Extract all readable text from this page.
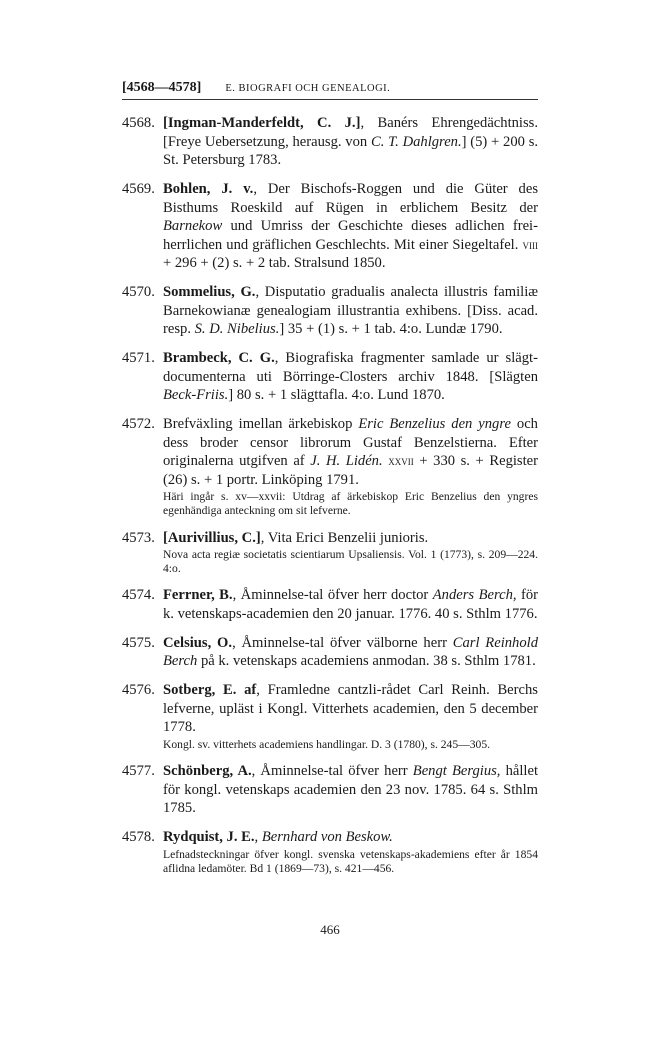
[4568—4578] E. BIOGRAFI OCH GENEALOGI.
4568. [Ingman-Manderfeldt, C. J.], Banérs Ehrengedächtniss. [Freye Uebersetzung, herausg. von C. T. Dahlgren.] (5) + 200 s. St. Petersburg 1783.
4569. Bohlen, J. v., Der Bischofs-Roggen und die Güter des Bisthums Roeskild auf Rügen in erblichem Besitz der Barnekow und Umriss der Geschichte dieses adlichen freiherrlichen und gräflichen Geschlechts. Mit einer Siegeltafel. viii + 296 + (2) s. + 2 tab. Stralsund 1850.
4570. Sommelius, G., Disputatio gradualis analecta illustris familiæ Barnekowianæ genealogiam illustrantia exhibens. [Diss. acad. resp. S. D. Nibelius.] 35 + (1) s. + 1 tab. 4:o. Lundæ 1790.
4571. Brambeck, C. G., Biografiska fragmenter samlade ur slägtdocumenterna uti Börringe-Closters archiv 1848. [Slägten Beck-Friis.] 80 s. + 1 slägttafla. 4:o. Lund 1870.
4572. Brefväxling imellan ärkebiskop Eric Benzelius den yngre och dess broder censor librorum Gustaf Benzelstierna. Efter originalerna utgifven af J. H. Lidén. xxvii + 330 s. + Register (26) s. + 1 portr. Linköping 1791.
Häri ingår s. xv—xxvii: Utdrag af ärkebiskop Eric Benzelius den yngres egenhändiga anteckning om sit lefverne.
4573. [Aurivillius, C.], Vita Erici Benzelii junioris.
Nova acta regiæ societatis scientiarum Upsaliensis. Vol. 1 (1773), s. 209—224. 4:o.
4574. Ferrner, B., Åminnelse-tal öfver herr doctor Anders Berch, för k. vetenskaps-academien den 20 januar. 1776. 40 s. Sthlm 1776.
4575. Celsius, O., Åminnelse-tal öfver välborne herr Carl Reinhold Berch på k. vetenskaps academiens anmodan. 38 s. Sthlm 1781.
4576. Sotberg, E. af, Framledne cantzli-rådet Carl Reinh. Berchs lefverne, upläst i Kongl. Vitterhets academien, den 5 december 1778.
Kongl. sv. vitterhets academiens handlingar. D. 3 (1780), s. 245—305.
4577. Schönberg, A., Åminnelse-tal öfver herr Bengt Bergius, hållet för kongl. vetenskaps academien den 23 nov. 1785. 64 s. Sthlm 1785.
4578. Rydquist, J. E., Bernhard von Beskow.
Lefnadsteckningar öfver kongl. svenska vetenskaps-akademiens efter år 1854 aflidna ledamöter. Bd 1 (1869—73), s. 421—456.
466
